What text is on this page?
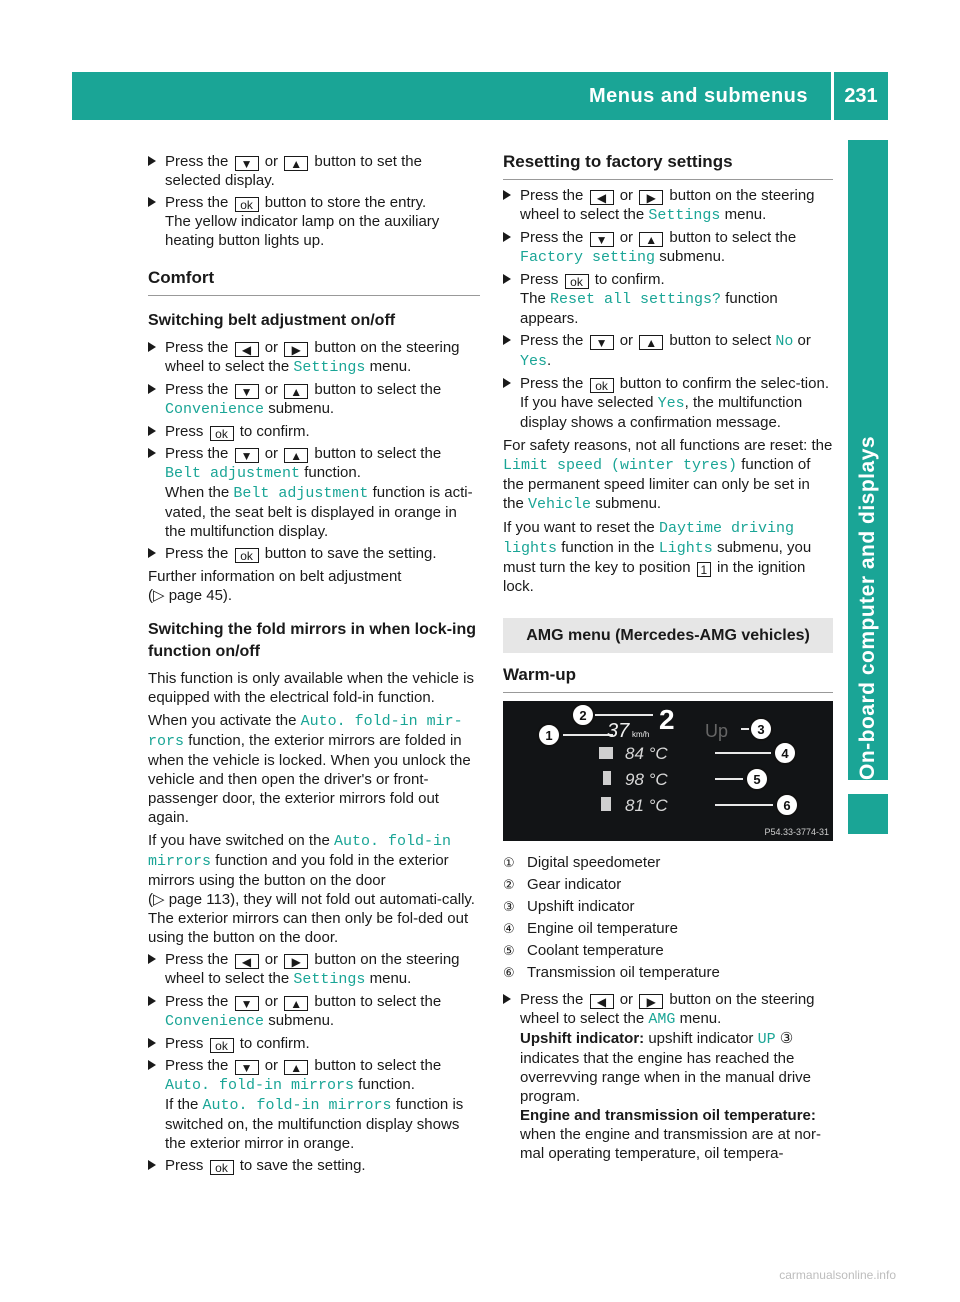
Menus and submenus	231
On-board computer and displays
Press the ▼ or ▲ button to set the selected display.
Press the ok button to store the entry.
The yellow indicator lamp on the auxiliary heating button lights up.
Comfort
Switching belt adjustment on/off
Press the ◀ or ▶ button on the steering wheel to select the Settings menu.
Press the ▼ or ▲ button to select the Convenience submenu.
Press ok to confirm.
Press the ▼ or ▲ button to select the Belt adjustment function.
When the Belt adjustment function is acti-vated, the seat belt is displayed in orange in the multifunction display.
Press the ok button to save the setting.
Further information on belt adjustment
(▷ page 45).
Switching the fold mirrors in when lock-ing function on/off
This function is only available when the vehicle is equipped with the electrical fold-in function.
When you activate the Auto. fold-in mir‐rors function, the exterior mirrors are folded in when the vehicle is locked. When you unlock the vehicle and then open the driver's or front-passenger door, the exterior mirrors fold out again.
If you have switched on the Auto. fold-in mirrors function and you fold in the exterior mirrors using the button on the door
(▷ page 113), they will not fold out automati-cally. The exterior mirrors can then only be fol-ded out using the button on the door.
Press the ◀ or ▶ button on the steering wheel to select the Settings menu.
Press the ▼ or ▲ button to select the Convenience submenu.
Press ok to confirm.
Press the ▼ or ▲ button to select the Auto. fold-in mirrors function.
If the Auto. fold-in mirrors function is switched on, the multifunction display shows the exterior mirror in orange.
Press ok to save the setting.
Resetting to factory settings
Press the ◀ or ▶ button on the steering wheel to select the Settings menu.
Press the ▼ or ▲ button to select the Factory setting submenu.
Press ok to confirm.
The Reset all settings? function appears.
Press the ▼ or ▲ button to select No or Yes.
Press the ok button to confirm the selec-tion.
If you have selected Yes, the multifunction display shows a confirmation message.
For safety reasons, not all functions are reset: the Limit speed (winter tyres) function of the permanent speed limiter can only be set in the Vehicle submenu.
If you want to reset the Daytime driving lights function in the Lights submenu, you must turn the key to position 1 in the ignition lock.
AMG menu (Mercedes-AMG vehicles)
Warm-up
37 km/h 2 Up
84 °C
98 °C
81 °C
1
2
3
4
5
6
P54.33-3774-31
① Digital speedometer
② Gear indicator
③ Upshift indicator
④ Engine oil temperature
⑤ Coolant temperature
⑥ Transmission oil temperature
Press the ◀ or ▶ button on the steering wheel to select the AMG menu.
Upshift indicator: upshift indicator UP ③ indicates that the engine has reached the overrevving range when in the manual drive program.
Engine and transmission oil temperature: when the engine and transmission are at nor-mal operating temperature, oil tempera-
carmanualsonline.info
